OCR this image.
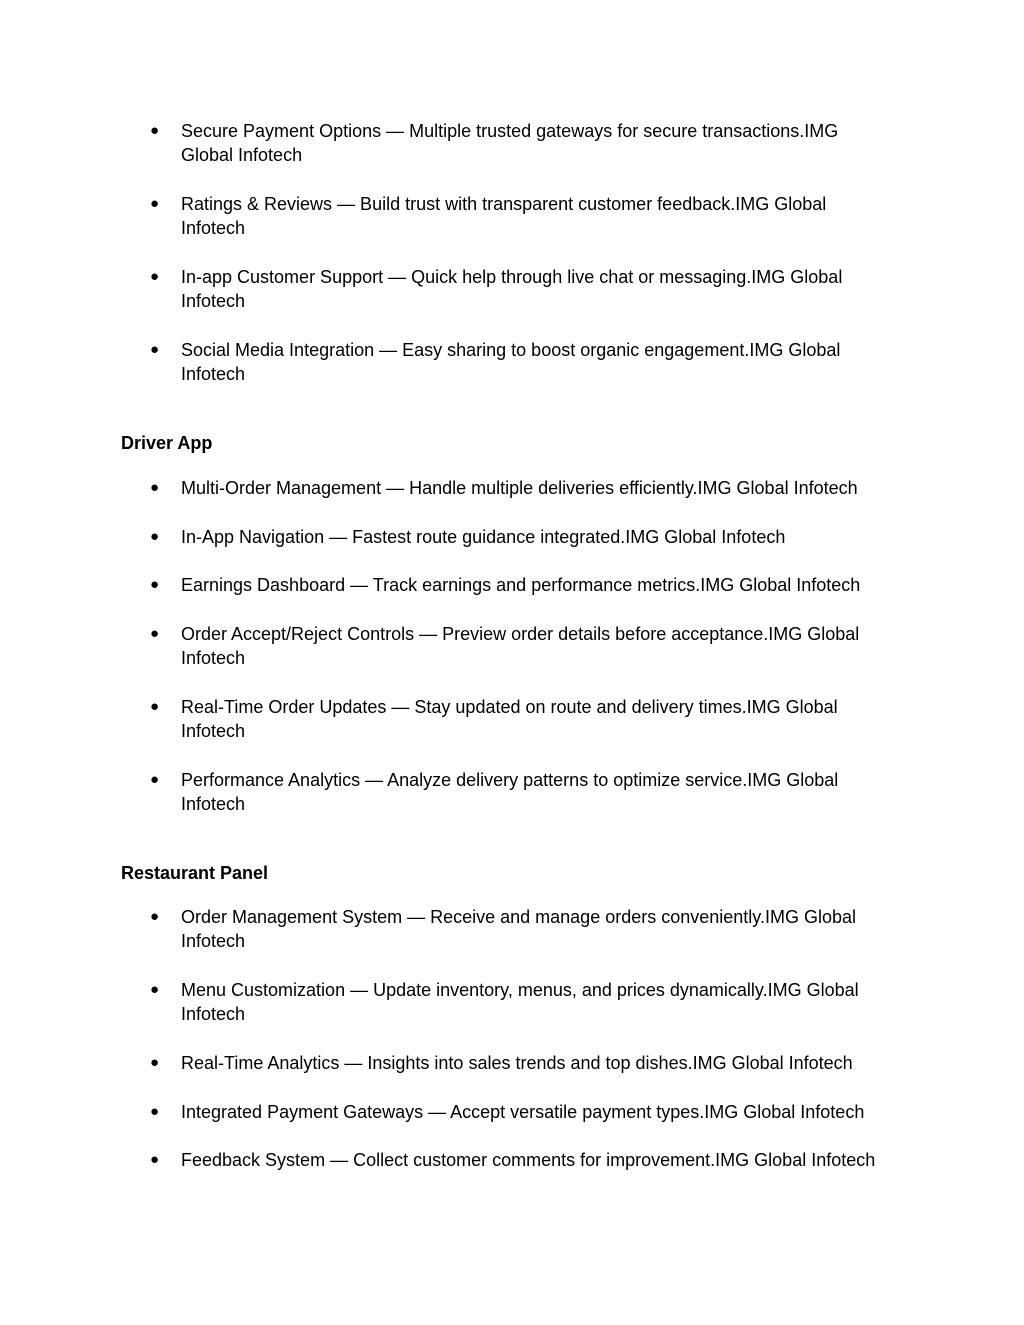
● Secure Payment Options — Multiple trusted gateways for secure transactions.IMG Global Infotech
● Ratings & Reviews — Build trust with transparent customer feedback.IMG Global Infotech
● In-app Customer Support — Quick help through live chat or messaging.IMG Global Infotech
● Social Media Integration — Easy sharing to boost organic engagement.IMG Global Infotech
Driver App
● Multi-Order Management — Handle multiple deliveries efficiently.IMG Global Infotech
● In-App Navigation — Fastest route guidance integrated.IMG Global Infotech
● Earnings Dashboard — Track earnings and performance metrics.IMG Global Infotech
● Order Accept/Reject Controls — Preview order details before acceptance.IMG Global Infotech
● Real-Time Order Updates — Stay updated on route and delivery times.IMG Global Infotech
● Performance Analytics — Analyze delivery patterns to optimize service.IMG Global Infotech
Restaurant Panel
● Order Management System — Receive and manage orders conveniently.IMG Global Infotech
● Menu Customization — Update inventory, menus, and prices dynamically.IMG Global Infotech
● Real-Time Analytics — Insights into sales trends and top dishes.IMG Global Infotech
● Integrated Payment Gateways — Accept versatile payment types.IMG Global Infotech
● Feedback System — Collect customer comments for improvement.IMG Global Infotech
